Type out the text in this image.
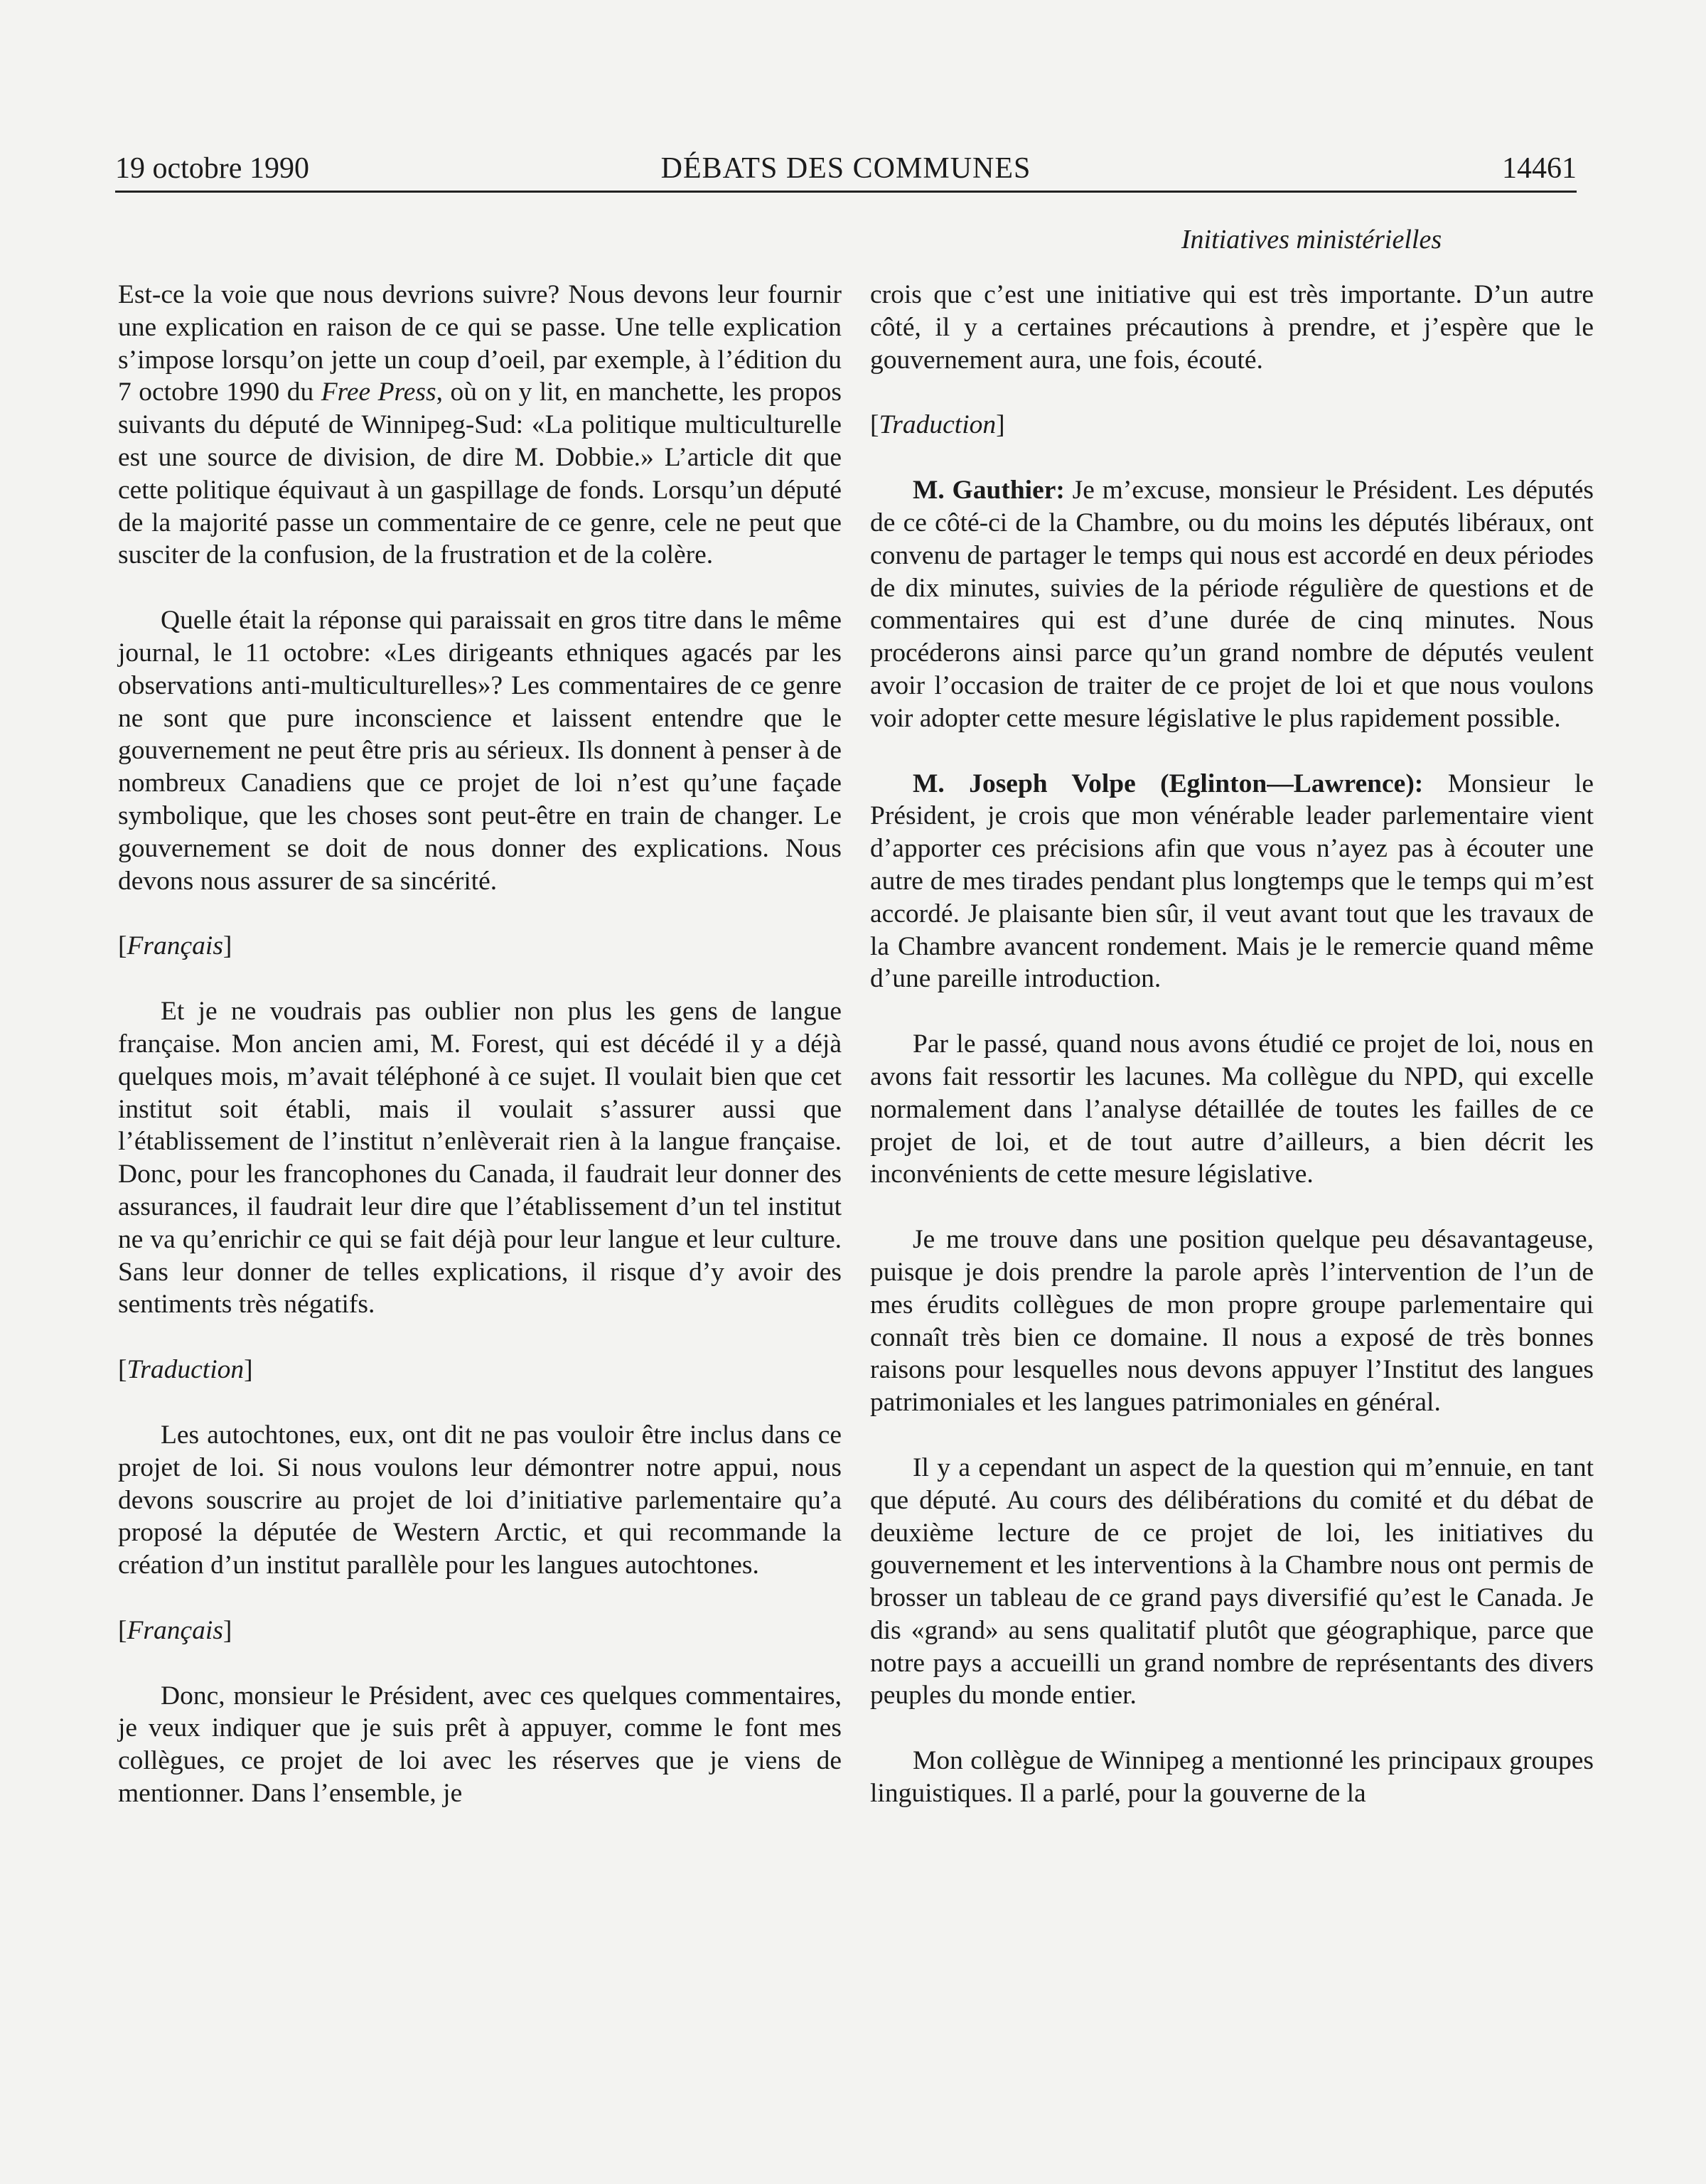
19 octobre 1990	DÉBATS DES COMMUNES	14461
Initiatives ministérielles

Est-ce la voie que nous devrions suivre? Nous devons leur fournir une explication en raison de ce qui se passe. Une telle explication s’impose lorsqu’on jette un coup d’oeil, par exemple, à l’édition du 7 octobre 1990 du Free Press, où on y lit, en manchette, les propos suivants du député de Winnipeg-Sud: «La politique multiculturelle est une source de division, de dire M. Dobbie.» L’article dit que cette politique équivaut à un gaspillage de fonds. Lorsqu’un député de la majorité passe un commentaire de ce genre, cele ne peut que susciter de la confusion, de la frustration et de la colère.

Quelle était la réponse qui paraissait en gros titre dans le même journal, le 11 octobre: «Les dirigeants ethniques agacés par les observations anti-multiculturelles»? Les commentaires de ce genre ne sont que pure inconscience et laissent entendre que le gouvernement ne peut être pris au sérieux. Ils donnent à penser à de nombreux Canadiens que ce projet de loi n’est qu’une façade symbolique, que les choses sont peut-être en train de changer. Le gouvernement se doit de nous donner des explications. Nous devons nous assurer de sa sincérité.

[Français]

Et je ne voudrais pas oublier non plus les gens de langue française. Mon ancien ami, M. Forest, qui est décédé il y a déjà quelques mois, m’avait téléphoné à ce sujet. Il voulait bien que cet institut soit établi, mais il voulait s’assurer aussi que l’établissement de l’institut n’enlèverait rien à la langue française. Donc, pour les francophones du Canada, il faudrait leur donner des assurances, il faudrait leur dire que l’établissement d’un tel institut ne va qu’enrichir ce qui se fait déjà pour leur langue et leur culture. Sans leur donner de telles explications, il risque d’y avoir des sentiments très négatifs.

[Traduction]

Les autochtones, eux, ont dit ne pas vouloir être inclus dans ce projet de loi. Si nous voulons leur démontrer notre appui, nous devons souscrire au projet de loi d’initiative parlementaire qu’a proposé la députée de Western Arctic, et qui recommande la création d’un institut parallèle pour les langues autochtones.

[Français]

Donc, monsieur le Président, avec ces quelques commentaires, je veux indiquer que je suis prêt à appuyer, comme le font mes collègues, ce projet de loi avec les réserves que je viens de mentionner. Dans l’ensemble, je

crois que c’est une initiative qui est très importante. D’un autre côté, il y a certaines précautions à prendre, et j’espère que le gouvernement aura, une fois, écouté.

[Traduction]

M. Gauthier: Je m’excuse, monsieur le Président. Les députés de ce côté-ci de la Chambre, ou du moins les députés libéraux, ont convenu de partager le temps qui nous est accordé en deux périodes de dix minutes, suivies de la période régulière de questions et de commentaires qui est d’une durée de cinq minutes. Nous procéderons ainsi parce qu’un grand nombre de députés veulent avoir l’occasion de traiter de ce projet de loi et que nous voulons voir adopter cette mesure législative le plus rapidement possible.

M. Joseph Volpe (Eglinton—Lawrence): Monsieur le Président, je crois que mon vénérable leader parlementaire vient d’apporter ces précisions afin que vous n’ayez pas à écouter une autre de mes tirades pendant plus longtemps que le temps qui m’est accordé. Je plaisante bien sûr, il veut avant tout que les travaux de la Chambre avancent rondement. Mais je le remercie quand même d’une pareille introduction.

Par le passé, quand nous avons étudié ce projet de loi, nous en avons fait ressortir les lacunes. Ma collègue du NPD, qui excelle normalement dans l’analyse détaillée de toutes les failles de ce projet de loi, et de tout autre d’ailleurs, a bien décrit les inconvénients de cette mesure législative.

Je me trouve dans une position quelque peu désavantageuse, puisque je dois prendre la parole après l’intervention de l’un de mes érudits collègues de mon propre groupe parlementaire qui connaît très bien ce domaine. Il nous a exposé de très bonnes raisons pour lesquelles nous devons appuyer l’Institut des langues patrimoniales et les langues patrimoniales en général.

Il y a cependant un aspect de la question qui m’ennuie, en tant que député. Au cours des délibérations du comité et du débat de deuxième lecture de ce projet de loi, les initiatives du gouvernement et les interventions à la Chambre nous ont permis de brosser un tableau de ce grand pays diversifié qu’est le Canada. Je dis «grand» au sens qualitatif plutôt que géographique, parce que notre pays a accueilli un grand nombre de représentants des divers peuples du monde entier.

Mon collègue de Winnipeg a mentionné les principaux groupes linguistiques. Il a parlé, pour la gouverne de la
